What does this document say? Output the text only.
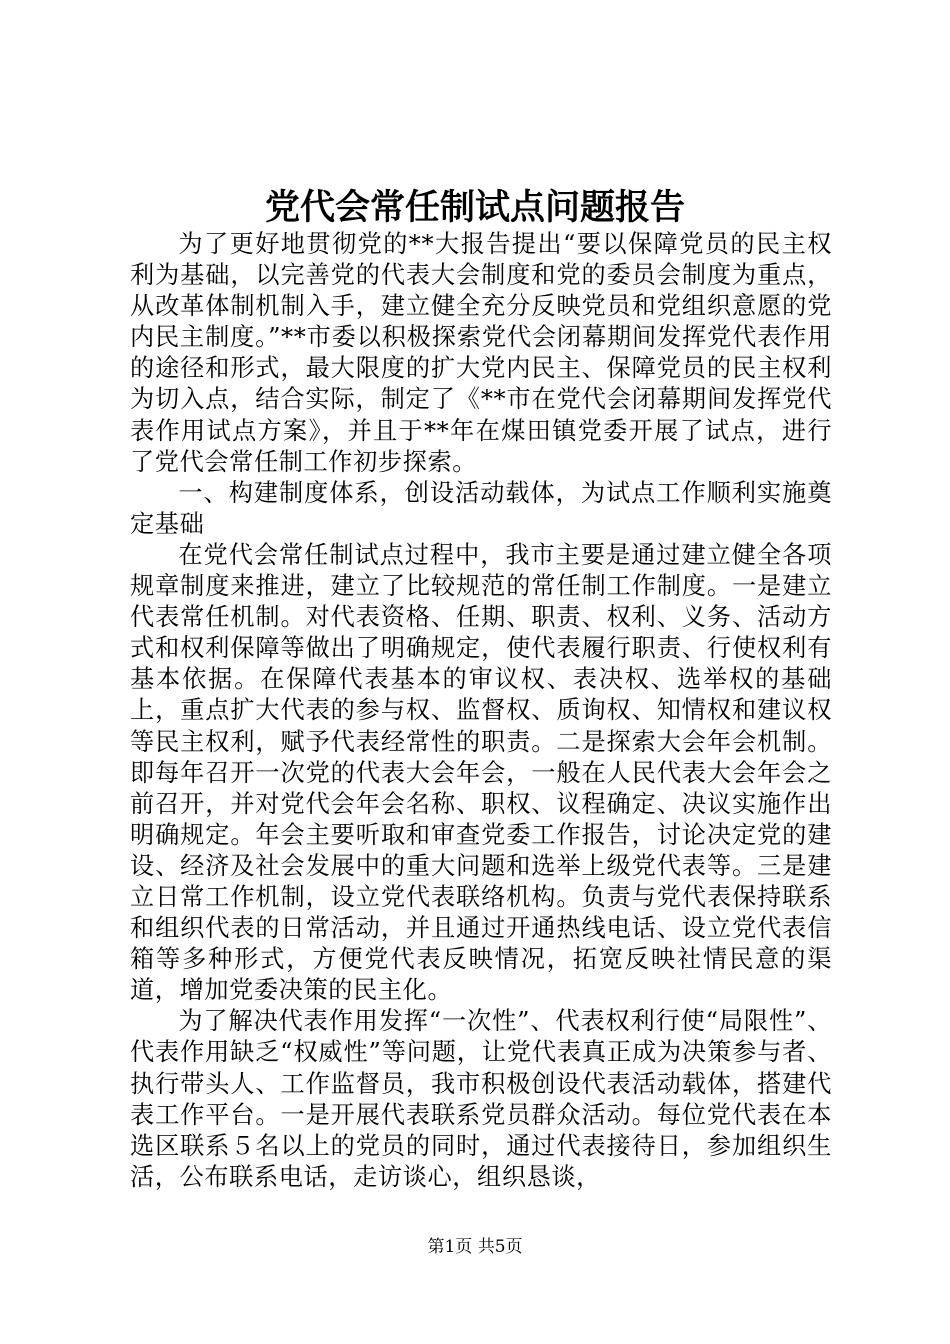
党代会常任制试点问题报告

为了更好地贯彻党的**大报告提出“要以保障党员的民主权利为基础，以完善党的代表大会制度和党的委员会制度为重点，从改革体制机制入手，建立健全充分反映党员和党组织意愿的党内民主制度。”**市委以积极探索党代会闭幕期间发挥党代表作用的途径和形式，最大限度的扩大党内民主、保障党员的民主权利为切入点，结合实际，制定了《**市在党代会闭幕期间发挥党代表作用试点方案》，并且于**年在煤田镇党委开展了试点，进行了党代会常任制工作初步探索。

一、构建制度体系，创设活动载体，为试点工作顺利实施奠定基础

在党代会常任制试点过程中，我市主要是通过建立健全各项规章制度来推进，建立了比较规范的常任制工作制度。一是建立代表常任机制。对代表资格、任期、职责、权利、义务、活动方式和权利保障等做出了明确规定，使代表履行职责、行使权利有基本依据。在保障代表基本的审议权、表决权、选举权的基础上，重点扩大代表的参与权、监督权、质询权、知情权和建议权等民主权利，赋予代表经常性的职责。二是探索大会年会机制。即每年召开一次党的代表大会年会，一般在人民代表大会年会之前召开，并对党代会年会名称、职权、议程确定、决议实施作出明确规定。年会主要听取和审查党委工作报告，讨论决定党的建设、经济及社会发展中的重大问题和选举上级党代表等。三是建立日常工作机制，设立党代表联络机构。负责与党代表保持联系和组织代表的日常活动，并且通过开通热线电话、设立党代表信箱等多种形式，方便党代表反映情况，拓宽反映社情民意的渠道，增加党委决策的民主化。

为了解决代表作用发挥“一次性”、代表权利行使“局限性”、代表作用缺乏“权威性”等问题，让党代表真正成为决策参与者、执行带头人、工作监督员，我市积极创设代表活动载体，搭建代表工作平台。一是开展代表联系党员群众活动。每位党代表在本选区联系５名以上的党员的同时，通过代表接待日，参加组织生活，公布联系电话，走访谈心，组织恳谈，

第1页 共5页
